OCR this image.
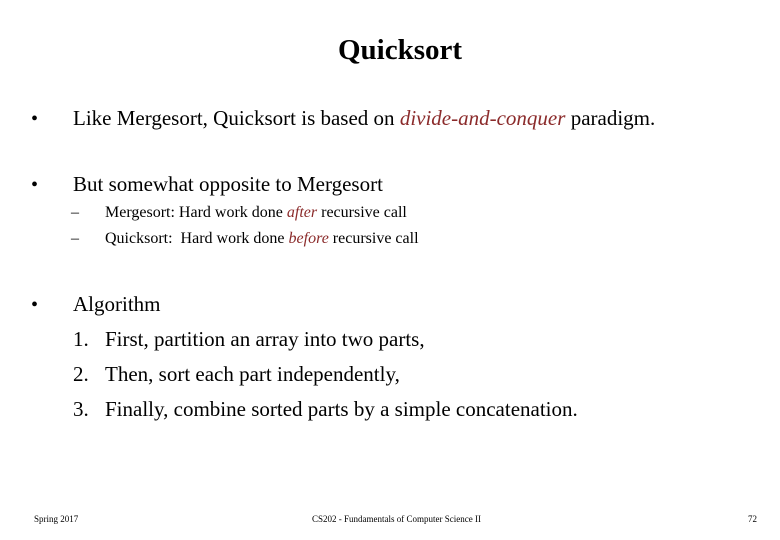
Quicksort
• Like Mergesort, Quicksort is based on divide-and-conquer paradigm.
• But somewhat opposite to Mergesort
– Mergesort: Hard work done after recursive call
– Quicksort:  Hard work done before recursive call
• Algorithm
1. First, partition an array into two parts,
2. Then, sort each part independently,
3. Finally, combine sorted parts by a simple concatenation.
Spring 2017	CS202 - Fundamentals of Computer Science II	72
